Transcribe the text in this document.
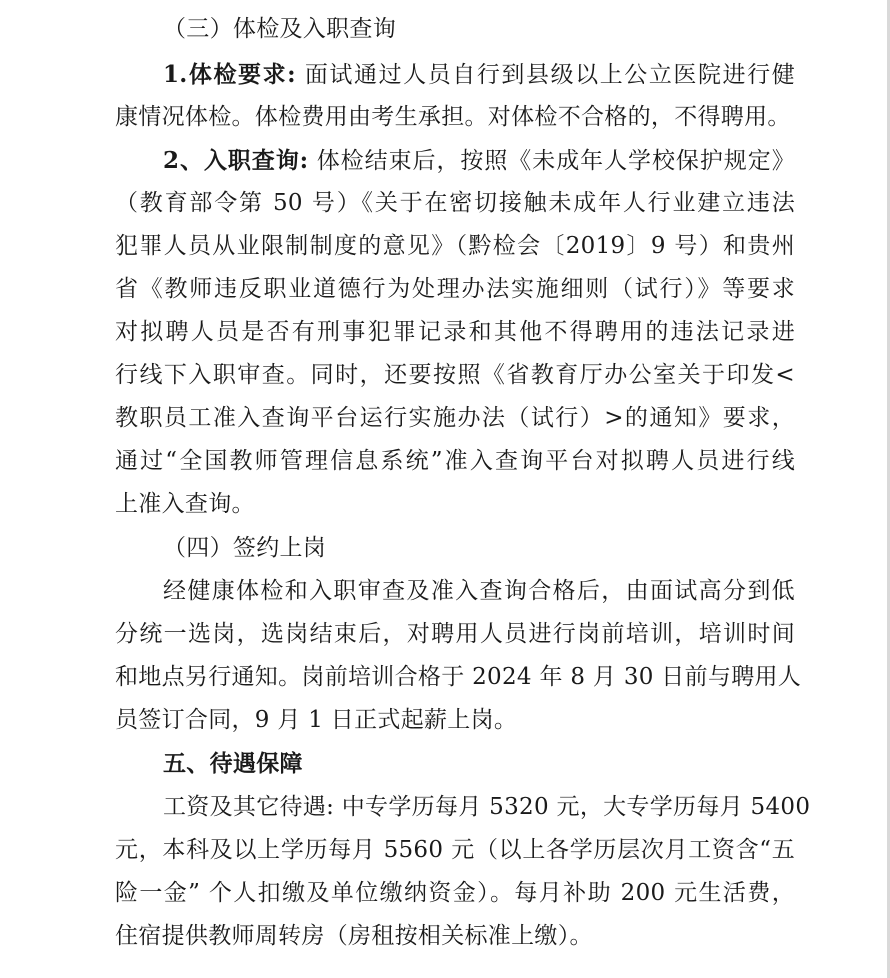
（三）体检及入职查询
1.体检要求: 面试通过人员自行到县级以上公立医院进行健
康情况体检。体检费用由考生承担。对体检不合格的，不得聘用。
2、入职查询: 体检结束后，按照《未成年人学校保护规定》
（教育部令第 50 号）《关于在密切接触未成年人行业建立违法
犯罪人员从业限制制度的意见》（黔检会〔2019〕9 号）和贵州
省《教师违反职业道德行为处理办法实施细则（试行）》等要求
对拟聘人员是否有刑事犯罪记录和其他不得聘用的违法记录进
行线下入职审查。同时，还要按照《省教育厅办公室关于印发<
教职员工准入查询平台运行实施办法（试行）>的通知》要求，
通过“全国教师管理信息系统”准入查询平台对拟聘人员进行线
上准入查询。
（四）签约上岗
经健康体检和入职审查及准入查询合格后，由面试高分到低
分统一选岗，选岗结束后，对聘用人员进行岗前培训，培训时间
和地点另行通知。岗前培训合格于 2024 年 8 月 30 日前与聘用人
员签订合同，9 月 1 日正式起薪上岗。
五、待遇保障
工资及其它待遇: 中专学历每月 5320 元，大专学历每月 5400
元，本科及以上学历每月 5560 元（以上各学历层次月工资含“五
险一金” 个人扣缴及单位缴纳资金）。每月补助 200 元生活费，
住宿提供教师周转房（房租按相关标准上缴）。
